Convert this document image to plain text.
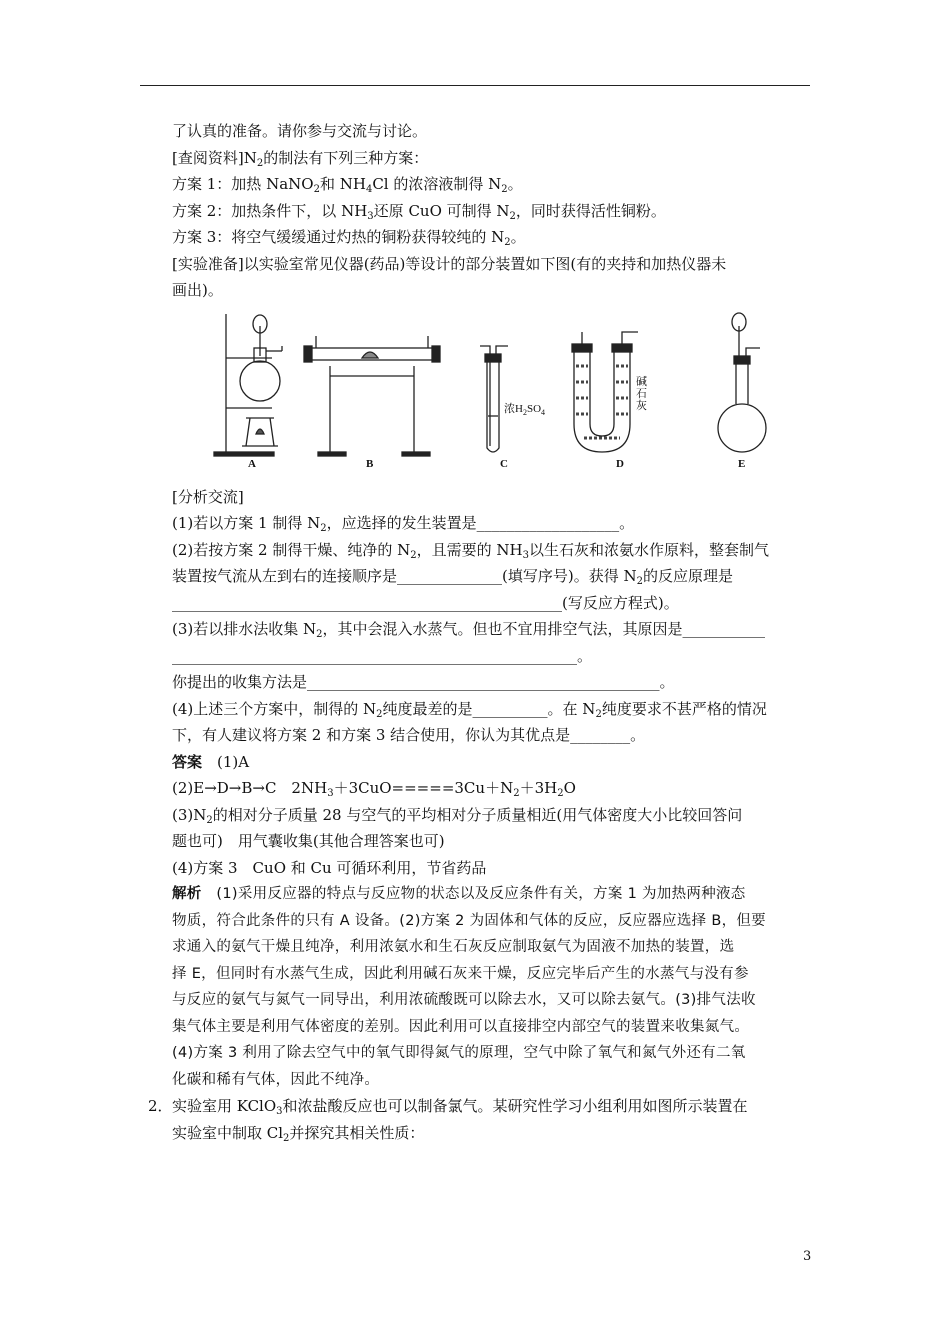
了认真的准备。请你参与交流与讨论。
[查阅资料]$N_2$的制法有下列三种方案：
方案 1：加热 NaNO$_2$和 $NH_4Cl$ 的浓溶液制得 $N_2$。
方案 2：加热条件下，以 $NH_3$还原 CuO 可制得 $N_2$，同时获得活性铜粉。
方案 3：将空气缓缓通过灼热的铜粉获得较纯的 $N_2$。
[实验准备]以实验室常见仪器(药品)等设计的部分装置如下图(有的夹持和加热仪器未
画出)。
浓$H_2SO_4$
碱
石
灰
A	B	C	D	E
[分析交流]
(1)若以方案 1 制得 $N_2$，应选择的发生装置是___________________。
(2)若按方案 2 制得干燥、纯净的 $N_2$，且需要的 $NH_3$以生石灰和浓氨水作原料，整套制气
装置按气流从左到右的连接顺序是______________(填写序号)。获得 $N_2$的反应原理是
____________________________________________________(写反应方程式)。
(3)若以排水法收集 $N_2$，其中会混入水蒸气。但也不宜用排空气法，其原因是___________
______________________________________________________。
你提出的收集方法是_______________________________________________。
(4)上述三个方案中，制得的 $N_2$纯度最差的是__________。在 $N_2$纯度要求不甚严格的情况
下，有人建议将方案 2 和方案 3 结合使用，你认为其优点是________。
答案　 (1)A
(2)E→D→B→C　$2NH_3+3CuO=====3Cu+N_2+3H_2O$
$(3)N_2$的相对分子质量 28 与空气的平均相对分子质量相近(用气体密度大小比较回答问
题也可)　用气囊收集(其他合理答案也可)
(4)方案 3　CuO 和 Cu 可循环利用，节省药品
解析　 (1)采用反应器的特点与反应物的状态以及反应条件有关，方案 1 为加热两种液态
物质，符合此条件的只有 A 设备。(2)方案 2 为固体和气体的反应，反应器应选择 B，但要
求通入的氨气干燥且纯净，利用浓氨水和生石灰反应制取氨气为固液不加热的装置，选
择 E，但同时有水蒸气生成，因此利用碱石灰来干燥，反应完毕后产生的水蒸气与没有参
与反应的氨气与氮气一同导出，利用浓硫酸既可以除去水，又可以除去氨气。(3)排气法收
集气体主要是利用气体密度的差别。因此利用可以直接排空内部空气的装置来收集氮气。
(4)方案 3 利用了除去空气中的氧气即得氮气的原理，空气中除了氧气和氮气外还有二氧
化碳和稀有气体，因此不纯净。
2． 实验室用 KClO$_3$和浓盐酸反应也可以制备氯气。某研究性学习小组利用如图所示装置在
实验室中制取 $Cl_2$并探究其相关性质：
3
